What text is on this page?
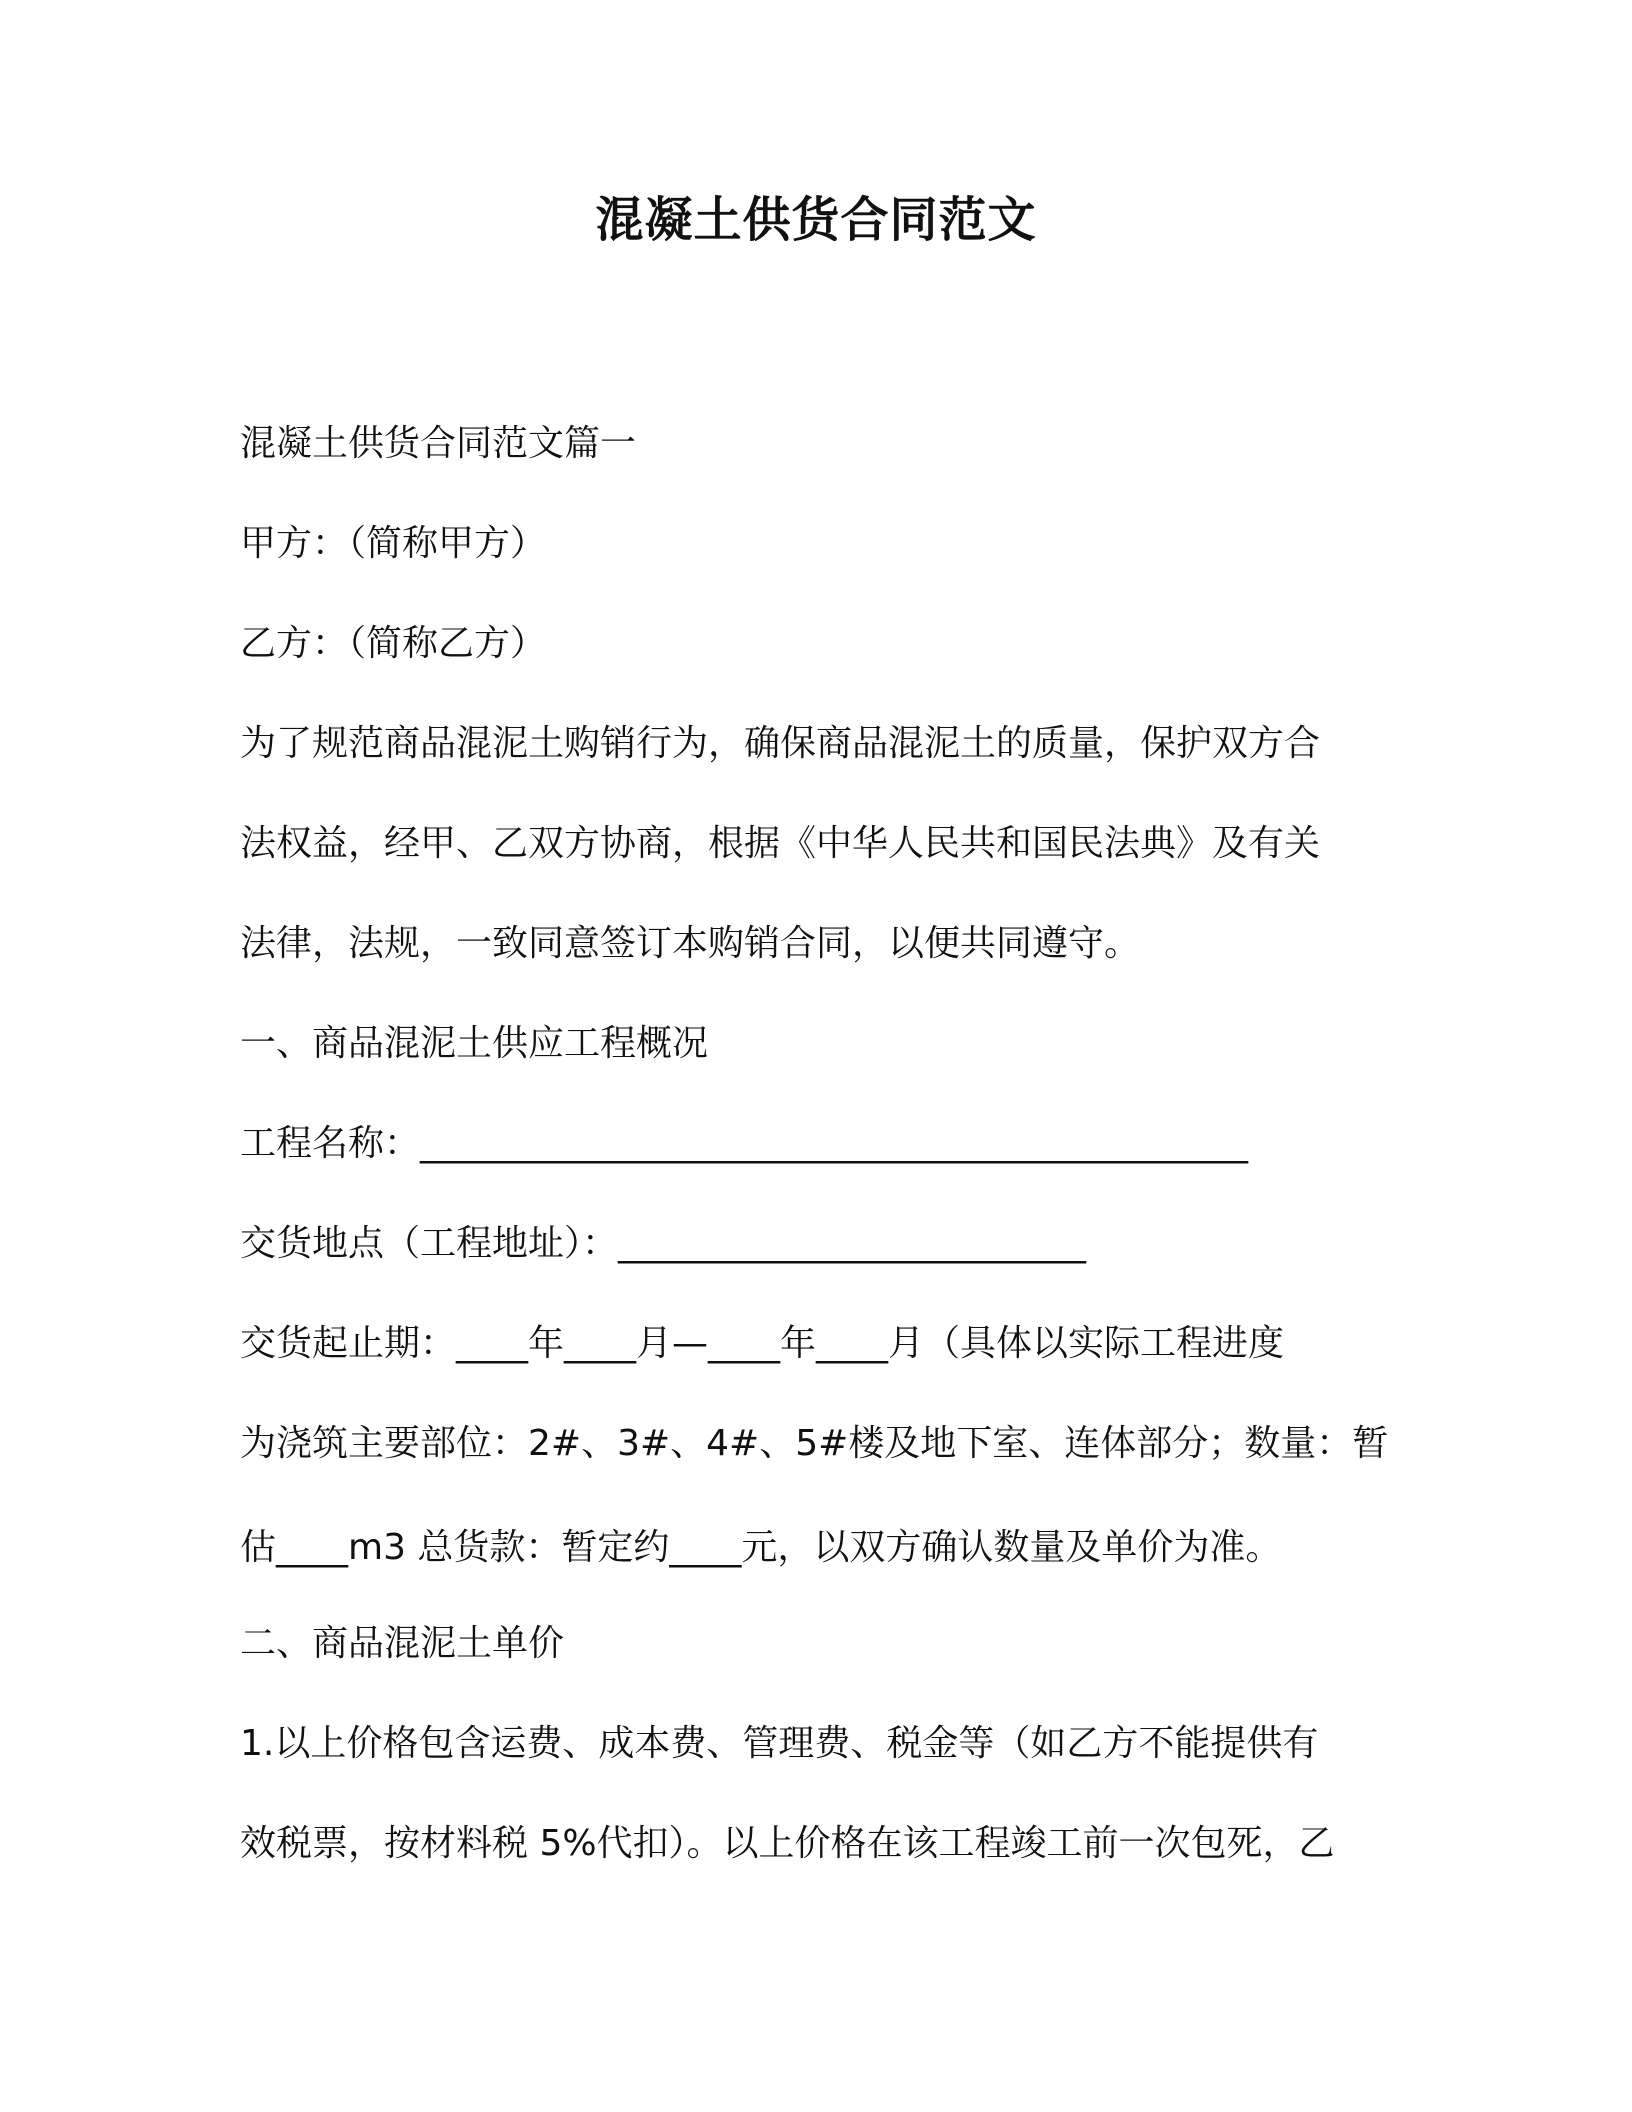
混凝土供货合同范文
混凝土供货合同范文篇一
甲方：（简称甲方）
乙方：（简称乙方）
为了规范商品混泥土购销行为，确保商品混泥土的质量，保护双方合
法权益，经甲、乙双方协商，根据《中华人民共和国民法典》及有关
法律，法规，一致同意签订本购销合同，以便共同遵守。
一、商品混泥土供应工程概况
工程名称：______________________________________________
交货地点（工程地址）：__________________________
交货起止期：____年____月—____年____月（具体以实际工程进度
为浇筑主要部位：2#、3#、4#、5#楼及地下室、连体部分；数量：暂
估____m3 总货款：暂定约____元，以双方确认数量及单价为准。
二、商品混泥土单价
1.以上价格包含运费、成本费、管理费、税金等（如乙方不能提供有
效税票，按材料税 5%代扣）。以上价格在该工程竣工前一次包死，乙
